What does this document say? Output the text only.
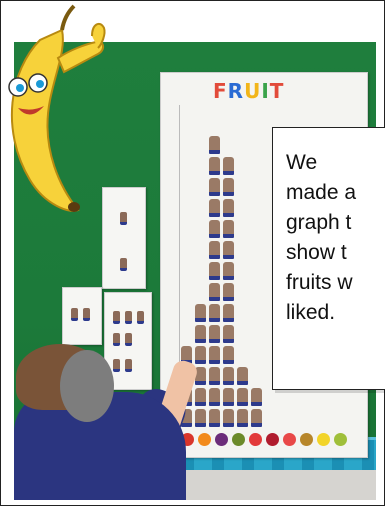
FRUIT

We
made a
graph t
show t
fruits w
liked.
